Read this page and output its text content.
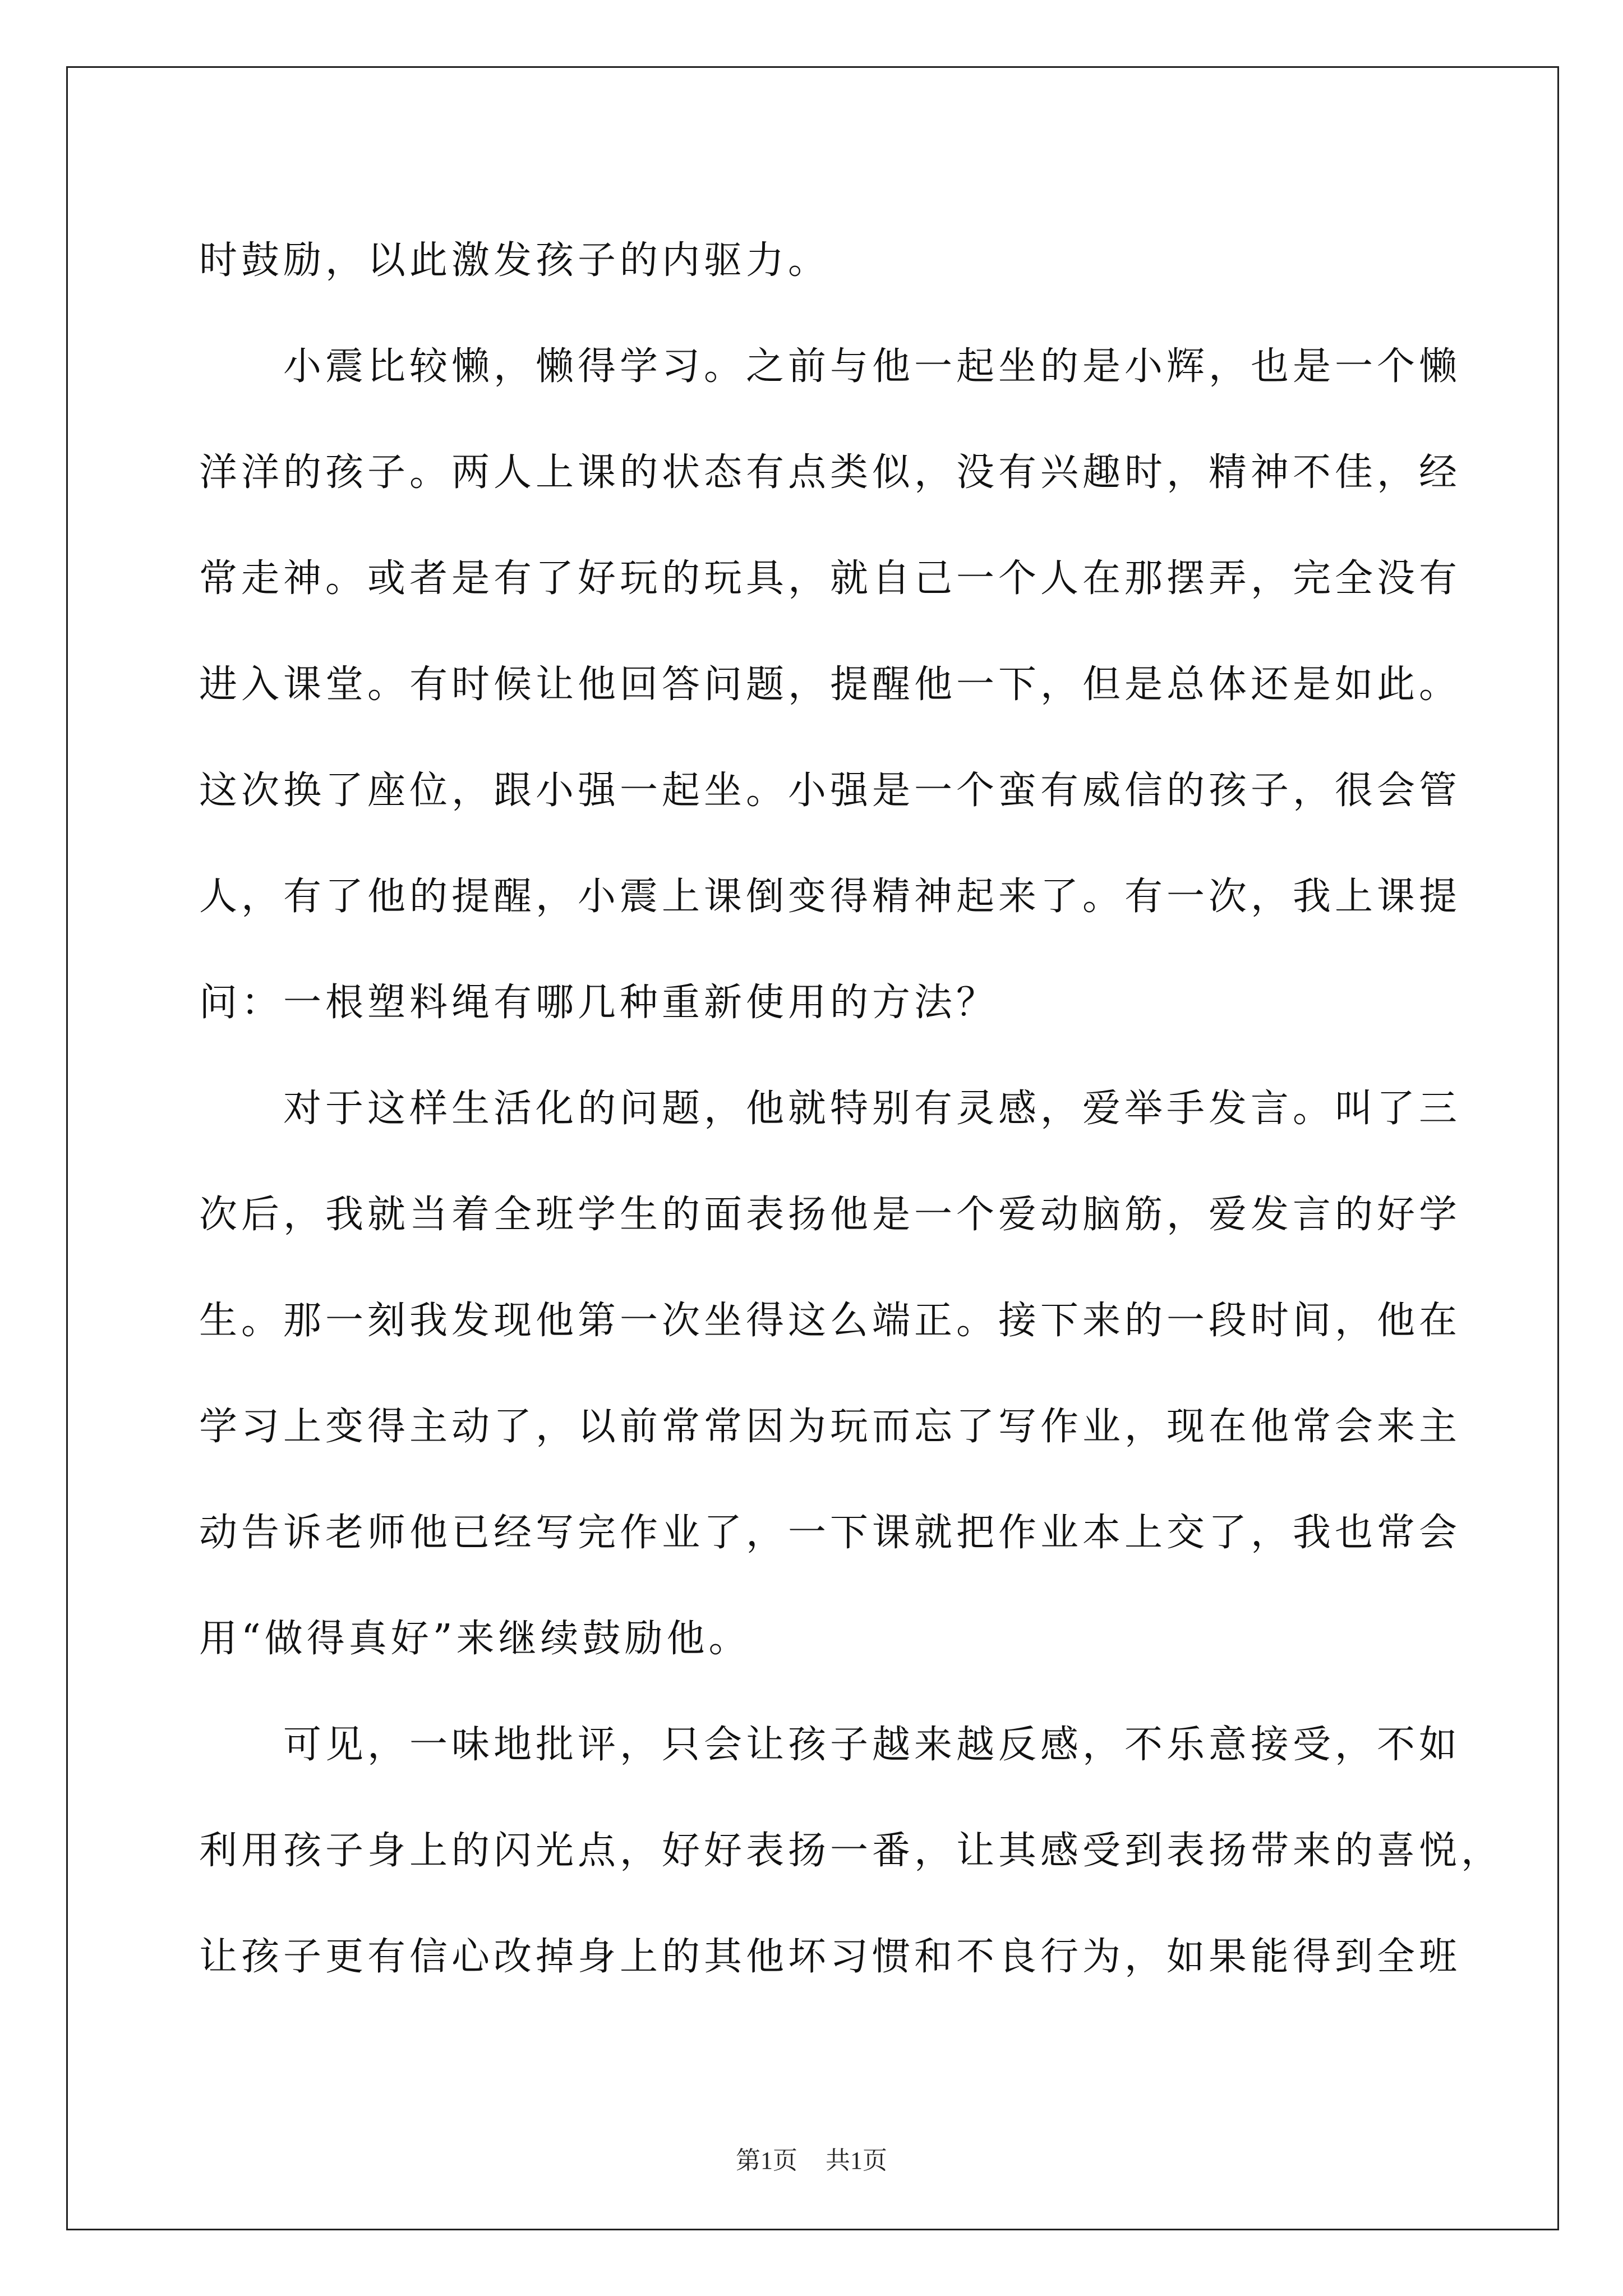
时鼓励，以此激发孩子的内驱力。
小震比较懒，懒得学习。之前与他一起坐的是小辉，也是一个懒
洋洋的孩子。两人上课的状态有点类似，没有兴趣时，精神不佳，经
常走神。或者是有了好玩的玩具，就自己一个人在那摆弄，完全没有
进入课堂。有时候让他回答问题，提醒他一下，但是总体还是如此。
这次换了座位，跟小强一起坐。小强是一个蛮有威信的孩子，很会管
人，有了他的提醒，小震上课倒变得精神起来了。有一次，我上课提
问：一根塑料绳有哪几种重新使用的方法？
对于这样生活化的问题，他就特别有灵感，爱举手发言。叫了三
次后，我就当着全班学生的面表扬他是一个爱动脑筋，爱发言的好学
生。那一刻我发现他第一次坐得这么端正。接下来的一段时间，他在
学习上变得主动了，以前常常因为玩而忘了写作业，现在他常会来主
动告诉老师他已经写完作业了，一下课就把作业本上交了，我也常会
用“做得真好”来继续鼓励他。
可见，一味地批评，只会让孩子越来越反感，不乐意接受，不如
利用孩子身上的闪光点，好好表扬一番，让其感受到表扬带来的喜悦，
让孩子更有信心改掉身上的其他坏习惯和不良行为，如果能得到全班
第1页 共1页
